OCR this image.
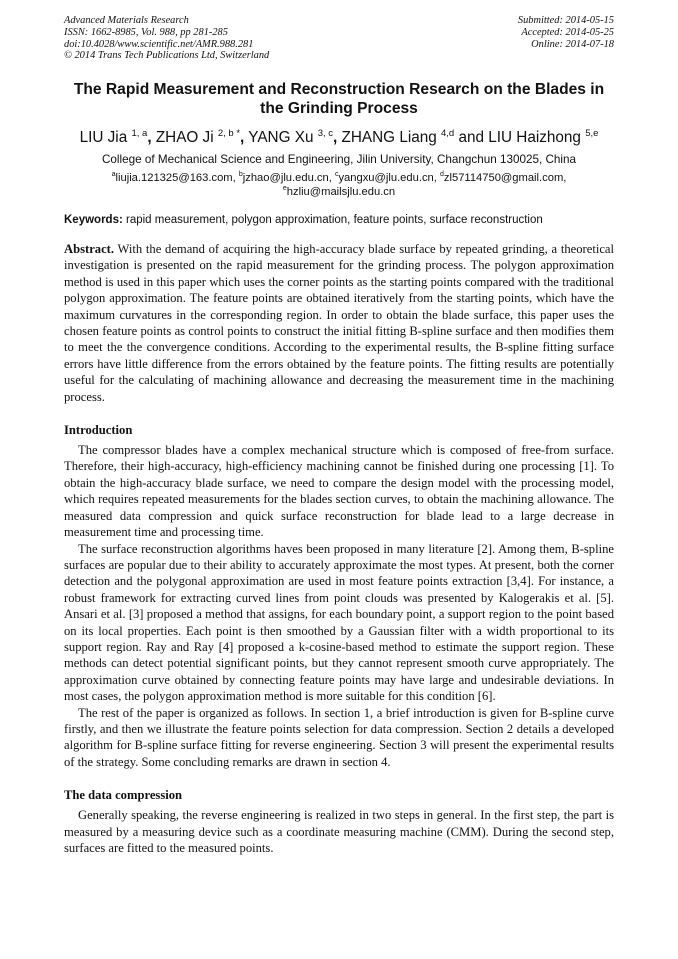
Advanced Materials Research
ISSN: 1662-8985, Vol. 988, pp 281-285
doi:10.4028/www.scientific.net/AMR.988.281
© 2014 Trans Tech Publications Ltd, Switzerland
Submitted: 2014-05-15
Accepted: 2014-05-25
Online: 2014-07-18
The Rapid Measurement and Reconstruction Research on the Blades in the Grinding Process
LIU Jia $^{1, a}$, ZHAO Ji $^{2, b *}$, YANG Xu $^{3, c}$, ZHANG Liang $^{4,d}$ and LIU Haizhong $^{5,e}$
College of Mechanical Science and Engineering, Jilin University, Changchun 130025, China
$^a$liujia.121325@163.com, $^b$jzhao@jlu.edu.cn, $^c$yangxu@jlu.edu.cn, $^d$zl57114750@gmail.com,
$^e$hzliu@mailsjlu.edu.cn
Keywords: rapid measurement, polygon approximation, feature points, surface reconstruction

Abstract. With the demand of acquiring the high-accuracy blade surface by repeated grinding, a theoretical investigation is presented on the rapid measurement for the grinding process. The polygon approximation method is used in this paper which uses the corner points as the starting points compared with the traditional polygon approximation. The feature points are obtained iteratively from the starting points, which have the maximum curvatures in the corresponding region. In order to obtain the blade surface, this paper uses the chosen feature points as control points to construct the initial fitting B-spline surface and then modifies them to meet the the convergence conditions. According to the experimental results, the B-spline fitting surface errors have little difference from the errors obtained by the feature points. The fitting results are potentially useful for the calculating of machining allowance and decreasing the measurement time in the machining process.

Introduction

The compressor blades have a complex mechanical structure which is composed of free-from surface. Therefore, their high-accuracy, high-efficiency machining cannot be finished during one processing [1]. To obtain the high-accuracy blade surface, we need to compare the design model with the processing model, which requires repeated measurements for the blades section curves, to obtain the machining allowance. The measured data compression and quick surface reconstruction for blade lead to a large decrease in measurement time and processing time.

The surface reconstruction algorithms haves been proposed in many literature [2]. Among them, B-spline surfaces are popular due to their ability to accurately approximate the most types. At present, both the corner detection and the polygonal approximation are used in most feature points extraction [3,4]. For instance, a robust framework for extracting curved lines from point clouds was presented by Kalogerakis et al. [5]. Ansari et al. [3] proposed a method that assigns, for each boundary point, a support region to the point based on its local properties. Each point is then smoothed by a Gaussian filter with a width proportional to its support region. Ray and Ray [4] proposed a k-cosine-based method to estimate the support region. These methods can detect potential significant points, but they cannot represent smooth curve appropriately. The approximation curve obtained by connecting feature points may have large and undesirable deviations. In most cases, the polygon approximation method is more suitable for this condition [6].

The rest of the paper is organized as follows. In section 1, a brief introduction is given for B-spline curve firstly, and then we illustrate the feature points selection for data compression. Section 2 details a developed algorithm for B-spline surface fitting for reverse engineering. Section 3 will present the experimental results of the strategy. Some concluding remarks are drawn in section 4.

The data compression

Generally speaking, the reverse engineering is realized in two steps in general. In the first step, the part is measured by a measuring device such as a coordinate measuring machine (CMM). During the second step, surfaces are fitted to the measured points.
